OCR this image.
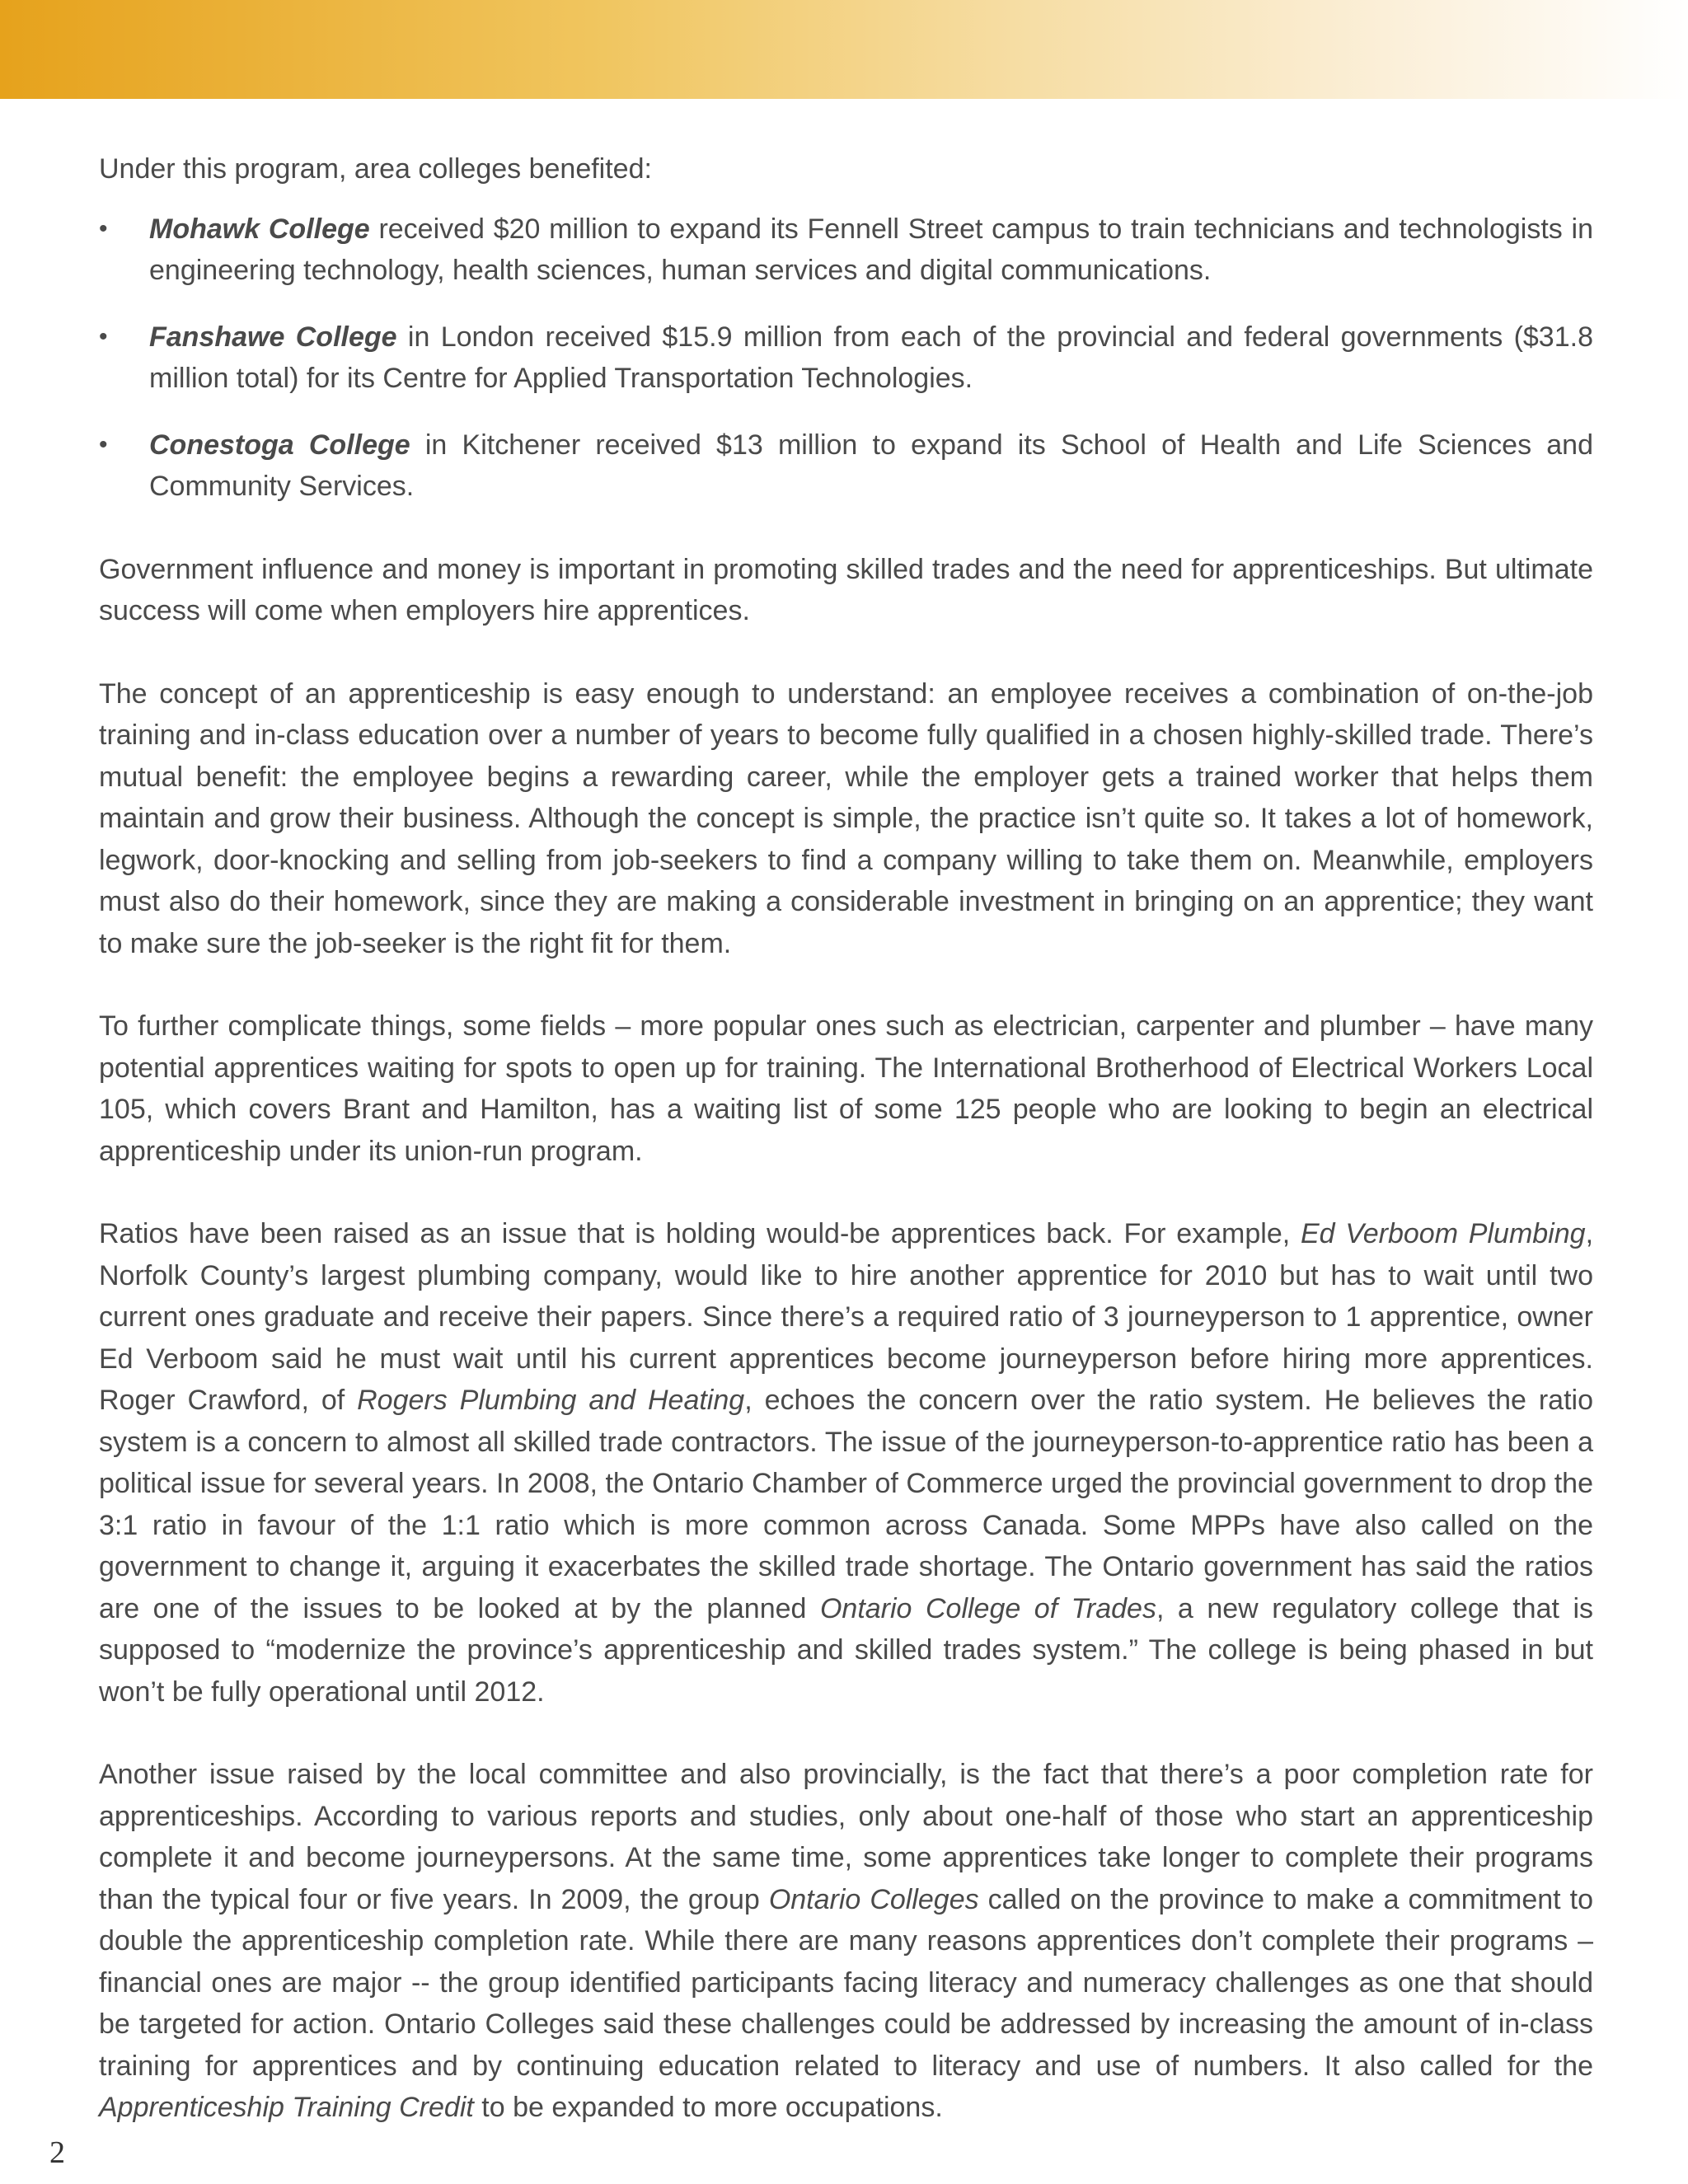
Under this program, area colleges benefited:

• Mohawk College received $20 million to expand its Fennell Street campus to train technicians and technologists in engineering technology, health sciences, human services and digital communications.
• Fanshawe College in London received $15.9 million from each of the provincial and federal governments ($31.8 million total) for its Centre for Applied Transportation Technologies.
• Conestoga College in Kitchener received $13 million to expand its School of Health and Life Sciences and Community Services.

Government influence and money is important in promoting skilled trades and the need for apprenticeships. But ultimate success will come when employers hire apprentices.

The concept of an apprenticeship is easy enough to understand: an employee receives a combination of on-the-job training and in-class education over a number of years to become fully qualified in a chosen highly-skilled trade. There’s mutual benefit: the employee begins a rewarding career, while the employer gets a trained worker that helps them maintain and grow their business. Although the concept is simple, the practice isn’t quite so. It takes a lot of homework, legwork, door-knocking and selling from job-seekers to find a company willing to take them on. Meanwhile, employers must also do their homework, since they are making a considerable investment in bringing on an apprentice; they want to make sure the job-seeker is the right fit for them.

To further complicate things, some fields – more popular ones such as electrician, carpenter and plumber – have many potential apprentices waiting for spots to open up for training. The International Brotherhood of Electrical Workers Local 105, which covers Brant and Hamilton, has a waiting list of some 125 people who are looking to begin an electrical apprenticeship under its union-run program.

Ratios have been raised as an issue that is holding would-be apprentices back. For example, Ed Verboom Plumbing, Norfolk County’s largest plumbing company, would like to hire another apprentice for 2010 but has to wait until two current ones graduate and receive their papers. Since there’s a required ratio of 3 journeyperson to 1 apprentice, owner Ed Verboom said he must wait until his current apprentices become journeyperson before hiring more apprentices. Roger Crawford, of Rogers Plumbing and Heating, echoes the concern over the ratio system. He believes the ratio system is a concern to almost all skilled trade contractors. The issue of the journeyperson-to-apprentice ratio has been a political issue for several years. In 2008, the Ontario Chamber of Commerce urged the provincial government to drop the 3:1 ratio in favour of the 1:1 ratio which is more common across Canada. Some MPPs have also called on the government to change it, arguing it exacerbates the skilled trade shortage. The Ontario government has said the ratios are one of the issues to be looked at by the planned Ontario College of Trades, a new regulatory college that is supposed to “modernize the province’s apprenticeship and skilled trades system.” The college is being phased in but won’t be fully operational until 2012.

Another issue raised by the local committee and also provincially, is the fact that there’s a poor completion rate for apprenticeships. According to various reports and studies, only about one-half of those who start an apprenticeship complete it and become journeypersons. At the same time, some apprentices take longer to complete their programs than the typical four or five years. In 2009, the group Ontario Colleges called on the province to make a commitment to double the apprenticeship completion rate. While there are many reasons apprentices don’t complete their programs – financial ones are major -- the group identified participants facing literacy and numeracy challenges as one that should be targeted for action. Ontario Colleges said these challenges could be addressed by increasing the amount of in-class training for apprentices and by continuing education related to literacy and use of numbers. It also called for the Apprenticeship Training Credit to be expanded to more occupations.

2
